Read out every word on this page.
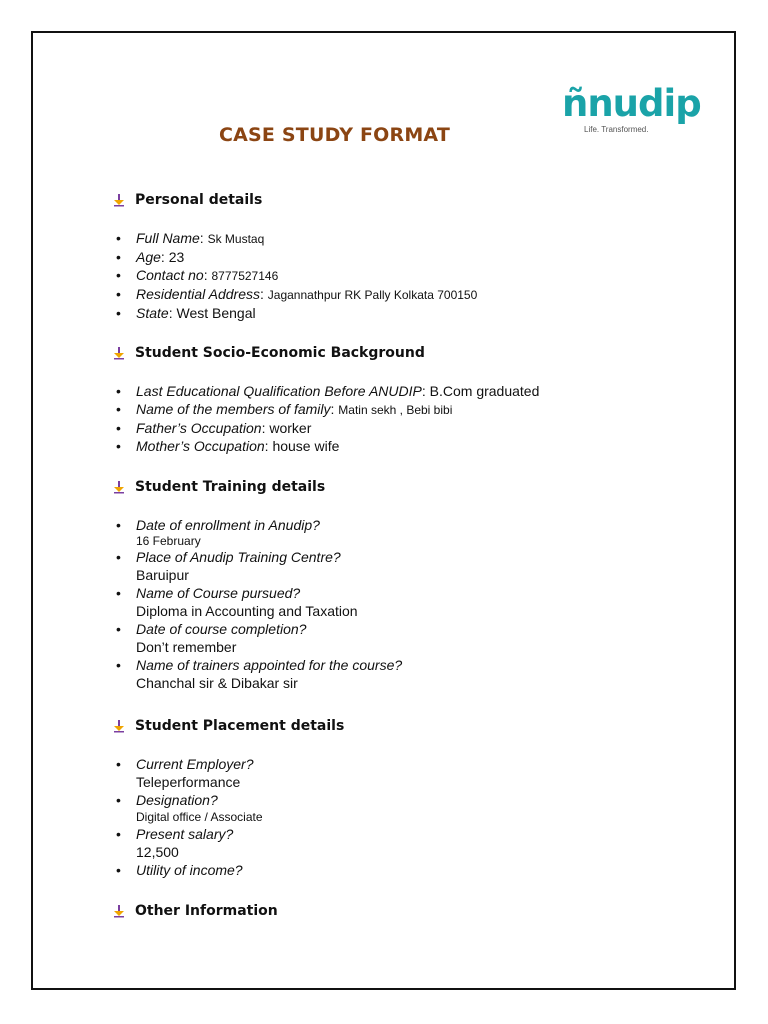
ñnudip
Life. Transformed.
CASE STUDY FORMAT
Personal details
• Full Name: Sk Mustaq
• Age: 23
• Contact no: 8777527146
• Residential Address: Jagannathpur RK Pally Kolkata 700150
• State: West Bengal
Student Socio-Economic Background
• Last Educational Qualification Before ANUDIP: B.Com graduated
• Name of the members of family: Matin sekh , Bebi bibi
• Father’s Occupation: worker
• Mother’s Occupation: house wife
Student Training details
• Date of enrollment in Anudip?
16 February
• Place of Anudip Training Centre?
Baruipur
• Name of Course pursued?
Diploma in Accounting and Taxation
• Date of course completion?
Don’t remember
• Name of trainers appointed for the course?
Chanchal sir & Dibakar sir
Student Placement details
• Current Employer?
Teleperformance
• Designation?
Digital office / Associate
• Present salary?
12,500
• Utility of income?
Other Information
